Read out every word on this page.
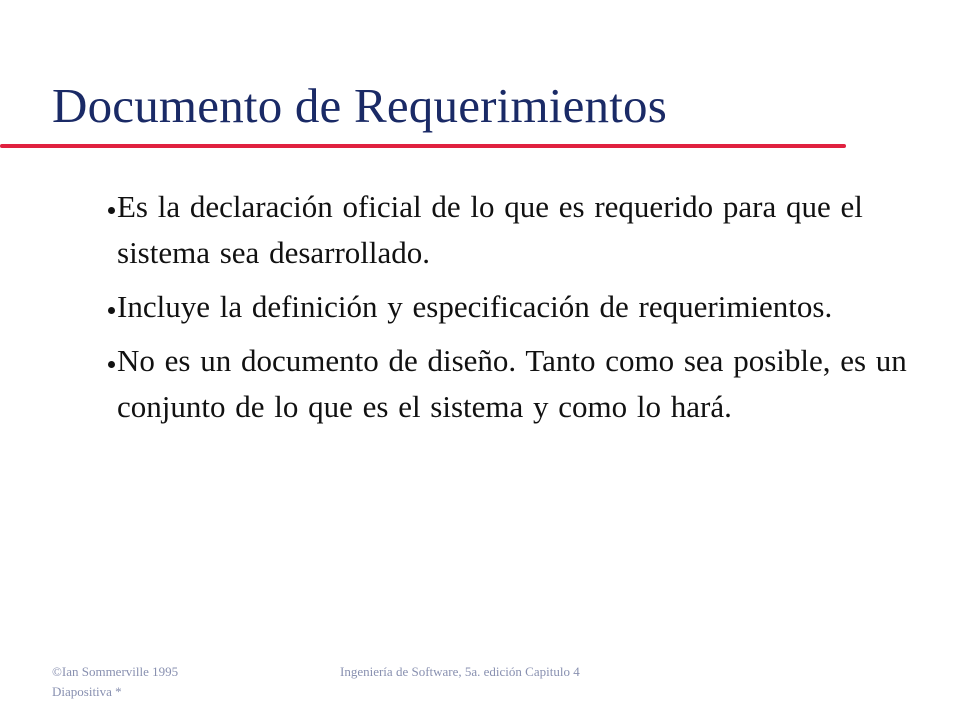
Documento de Requerimientos
Es la declaración oficial de lo que es requerido para que el sistema sea desarrollado.
Incluye la definición y especificación de requerimientos.
No es un documento de diseño. Tanto como sea posible, es un conjunto de lo que es el sistema y como lo hará.
©Ian Sommerville 1995
Diapositiva *
Ingeniería de Software, 5a. edición Capitulo 4
